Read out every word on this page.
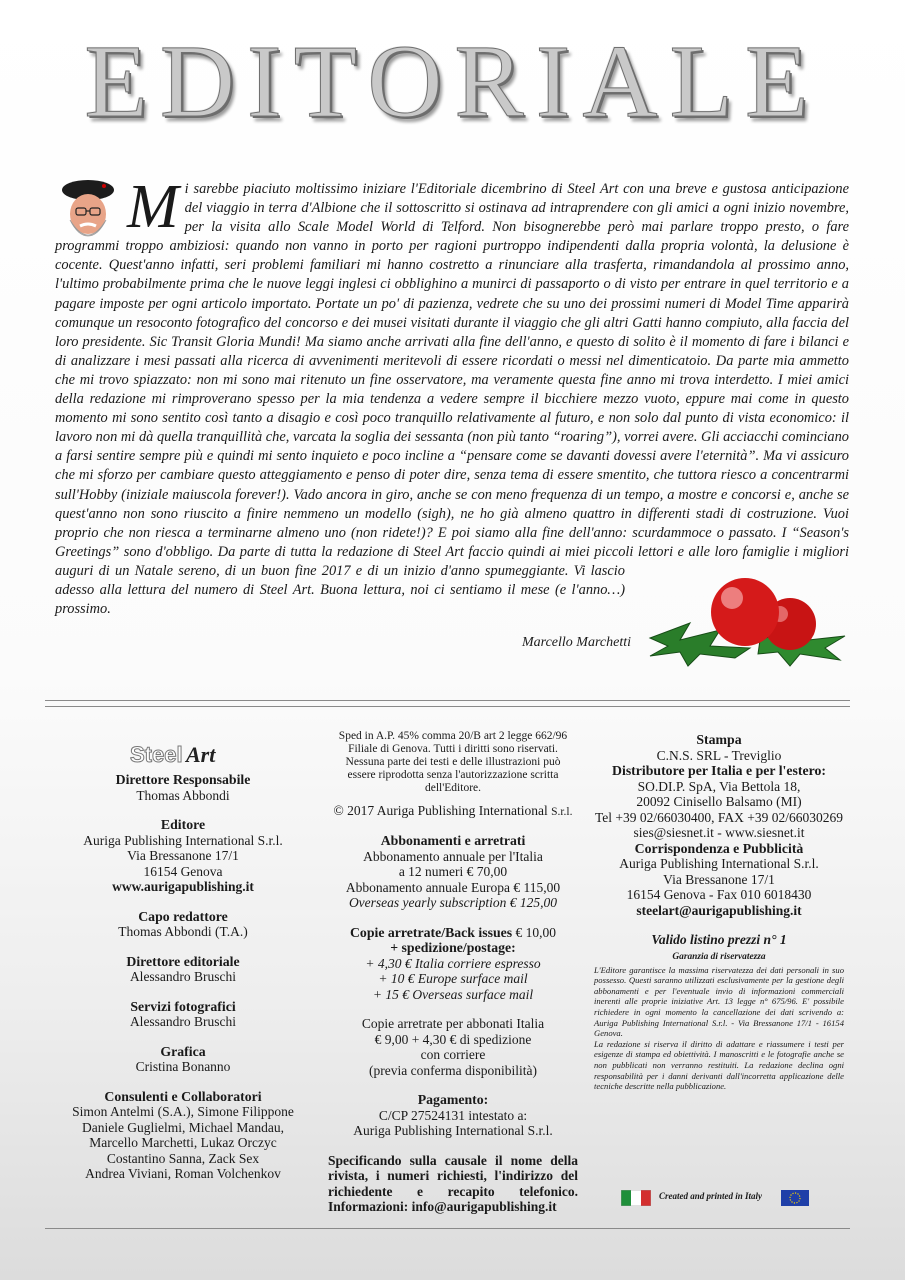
EDITORIALE
M i sarebbe piaciuto moltissimo iniziare l'Editoriale dicembrino di Steel Art con una breve e gustosa anticipazione del viaggio in terra d'Albione che il sottoscritto si ostinava ad intraprendere con gli amici a ogni inizio novembre, per la visita allo Scale Model World di Telford. Non bisognerebbe però mai parlare troppo presto, o fare programmi troppo ambiziosi: quando non vanno in porto per ragioni purtroppo indipendenti dalla propria volontà, la delusione è cocente. Quest'anno infatti, seri problemi familiari mi hanno costretto a rinunciare alla trasferta, rimandandola al prossimo anno, l'ultimo probabilmente prima che le nuove leggi inglesi ci obblighino a munirci di passaporto o di visto per entrare in quel territorio e a pagare imposte per ogni articolo importato. Portate un po' di pazienza, vedrete che su uno dei prossimi numeri di Model Time apparirà comunque un resoconto fotografico del concorso e dei musei visitati durante il viaggio che gli altri Gatti hanno compiuto, alla faccia del loro presidente. Sic Transit Gloria Mundi! Ma siamo anche arrivati alla fine dell'anno, e questo di solito è il momento di fare i bilanci e di analizzare i mesi passati alla ricerca di avvenimenti meritevoli di essere ricordati o messi nel dimenticatoio. Da parte mia ammetto che mi trovo spiazzato: non mi sono mai ritenuto un fine osservatore, ma veramente questa fine anno mi trova interdetto. I miei amici della redazione mi rimproverano spesso per la mia tendenza a vedere sempre il bicchiere mezzo vuoto, eppure mai come in questo momento mi sono sentito così tanto a disagio e così poco tranquillo relativamente al futuro, e non solo dal punto di vista economico: il lavoro non mi dà quella tranquillità che, varcata la soglia dei sessanta (non più tanto “roaring”), vorrei avere. Gli acciacchi cominciano a farsi sentire sempre più e quindi mi sento inquieto e poco incline a “pensare come se davanti dovessi avere l'eternità”. Ma vi assicuro che mi sforzo per cambiare questo atteggiamento e penso di poter dire, senza tema di essere smentito, che tuttora riesco a concentrarmi sull'Hobby (iniziale maiuscola forever!). Vado ancora in giro, anche se con meno frequenza di un tempo, a mostre e concorsi e, anche se quest'anno non sono riuscito a finire nemmeno un modello (sigh), ne ho già almeno quattro in differenti stadi di costruzione. Vuoi proprio che non riesca a terminarne almeno uno (non ridete!)? E poi siamo alla fine dell'anno: scurdammoce o passato. I “Season's Greetings” sono d'obbligo. Da parte di tutta la redazione di Steel Art faccio quindi ai miei piccoli lettori e alle loro famiglie i migliori auguri di un Natale sereno, di un buon fine 2017 e di un inizio d'anno spumeggiante. Vi lascio adesso alla lettura del numero di Steel Art. Buona lettura, noi ci sentiamo il mese (e l'anno…) prossimo.
Marcello Marchetti
Steel Art
Direttore Responsabile
Thomas Abbondi
Editore
Auriga Publishing International S.r.l.
Via Bressanone 17/1
16154 Genova
www.aurigapublishing.it
Capo redattore
Thomas Abbondi (T.A.)
Direttore editoriale
Alessandro Bruschi
Servizi fotografici
Alessandro Bruschi
Grafica
Cristina Bonanno
Consulenti e Collaboratori
Simon Antelmi (S.A.), Simone Filippone
Daniele Guglielmi, Michael Mandau,
Marcello Marchetti, Lukaz Orczyc
Costantino Sanna, Zack Sex
Andrea Viviani, Roman Volchenkov
Sped in A.P. 45% comma 20/B art 2 legge 662/96
Filiale di Genova. Tutti i diritti sono riservati.
Nessuna parte dei testi e delle illustrazioni può
essere riprodotta senza l'autorizzazione scritta
dell'Editore.
© 2017 Auriga Publishing International S.r.l.
Abbonamenti e arretrati
Abbonamento annuale per l'Italia
a 12 numeri € 70,00
Abbonamento annuale Europa € 115,00
Overseas yearly subscription € 125,00
Copie arretrate/Back issues € 10,00
+ spedizione/postage:
+ 4,30 € Italia corriere espresso
+ 10 € Europe surface mail
+ 15 € Overseas surface mail
Copie arretrate per abbonati Italia
€ 9,00 + 4,30 € di spedizione
con corriere
(previa conferma disponibilità)
Pagamento:
C/CP 27524131 intestato a:
Auriga Publishing International S.r.l.
Specificando sulla causale il nome della rivista, i numeri richiesti, l'indirizzo del richiedente e recapito telefonico. Informazioni: info@aurigapublishing.it
Stampa
C.N.S. SRL - Treviglio
Distributore per Italia e per l'estero:
SO.DI.P. SpA, Via Bettola 18,
20092 Cinisello Balsamo (MI)
Tel +39 02/66030400, FAX +39 02/66030269
sies@siesnet.it - www.siesnet.it
Corrispondenza e Pubblicità
Auriga Publishing International S.r.l.
Via Bressanone 17/1
16154 Genova - Fax 010 6018430
steelart@aurigapublishing.it
Valido listino prezzi n° 1
Garanzia di riservatezza
L'Editore garantisce la massima riservatezza dei dati personali in suo possesso. Questi saranno utilizzati esclusivamente per la gestione degli abbonamenti e per l'eventuale invio di informazioni commerciali inerenti alle proprie iniziative Art. 13 legge n° 675/96. E' possibile richiedere in ogni momento la cancellazione dei dati scrivendo a: Auriga Publishing International S.r.l. - Via Bressanone 17/1 - 16154 Genova.
La redazione si riserva il diritto di adattare e riassumere i testi per esigenze di stampa ed obiettività. I manoscritti e le fotografie anche se non pubblicati non verranno restituiti. La redazione declina ogni responsabilità per i danni derivanti dall'incorretta applicazione delle tecniche descritte nella pubblicazione.
Created and printed in Italy
